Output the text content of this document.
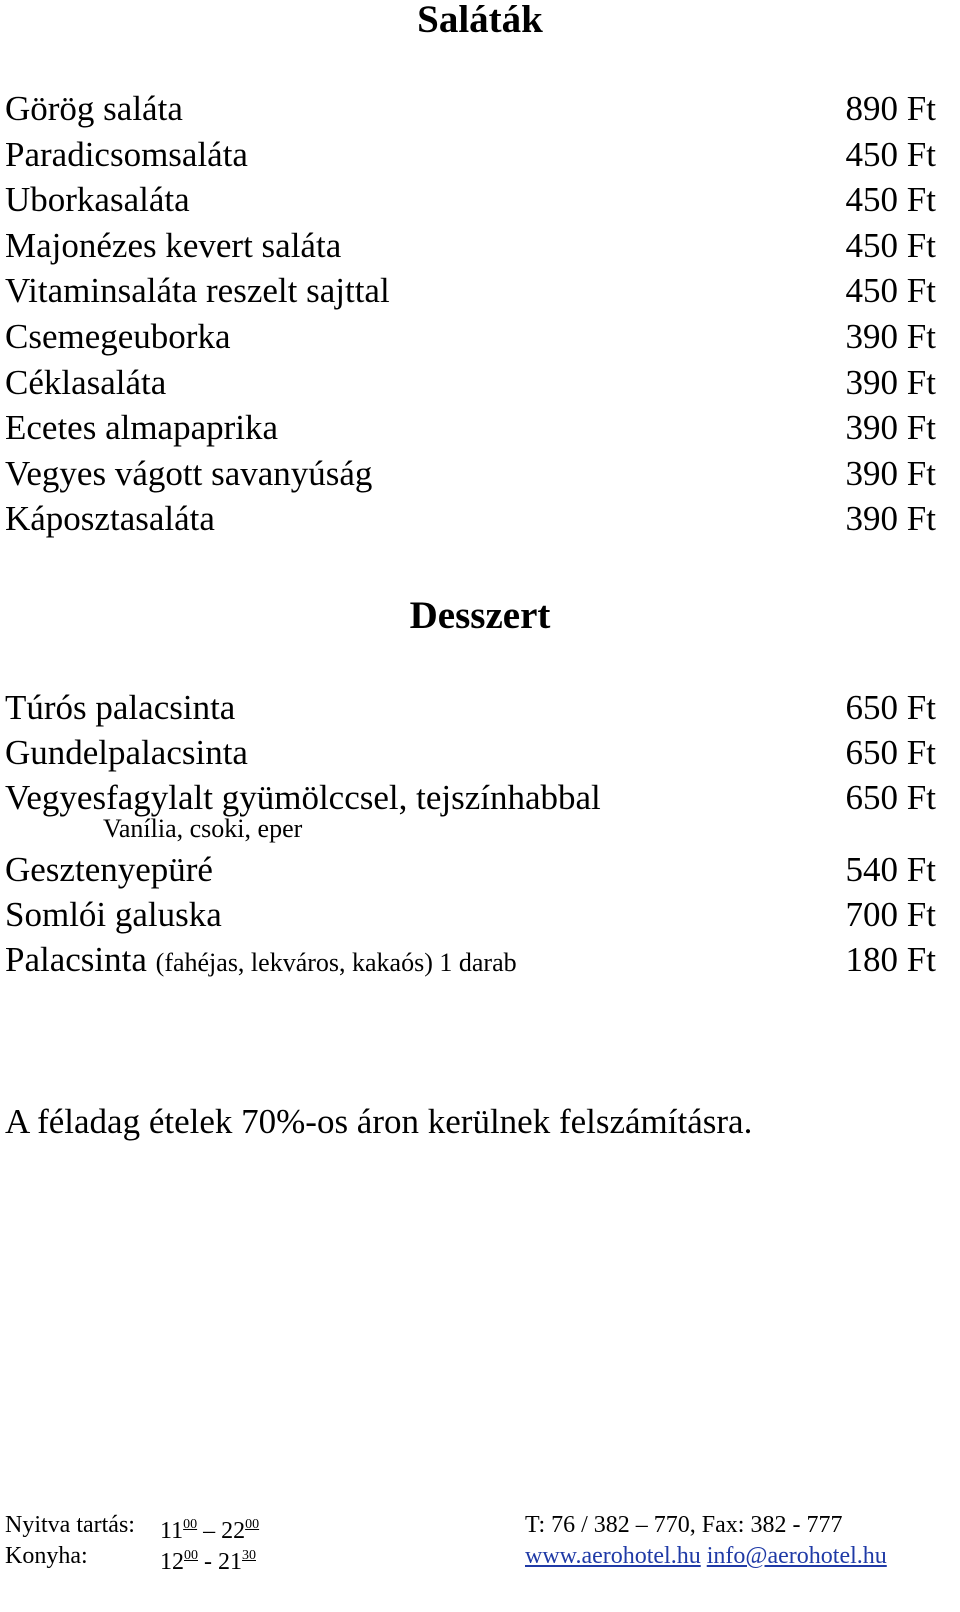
Saláták
Görög saláta	890 Ft
Paradicsomsaláta	450 Ft
Uborkasaláta	450 Ft
Majonézes kevert saláta	450 Ft
Vitaminsaláta reszelt sajttal	450 Ft
Csemegeuborka	390 Ft
Céklasaláta	390 Ft
Ecetes almapaprika	390 Ft
Vegyes vágott savanyúság	390 Ft
Káposztasaláta	390 Ft
Desszert
Túrós palacsinta	650 Ft
Gundelpalacsinta	650 Ft
Vegyesfagylalt gyümölccsel, tejszínhabbal	650 Ft
Vanília, csoki, eper
Gesztenyepüré	540 Ft
Somlói galuska	700 Ft
Palacsinta (fahéjas, lekváros, kakaós) 1 darab	180 Ft

A féladag ételek 70%-os áron kerülnek felszámításra.

Nyitva tartás: $11^{00} - 22^{00}$	T: 76 / 382 – 770, Fax: 382 - 777
Konyha:	$12^{00} - 21^{30}$	www.aerohotel.hu info@aerohotel.hu
